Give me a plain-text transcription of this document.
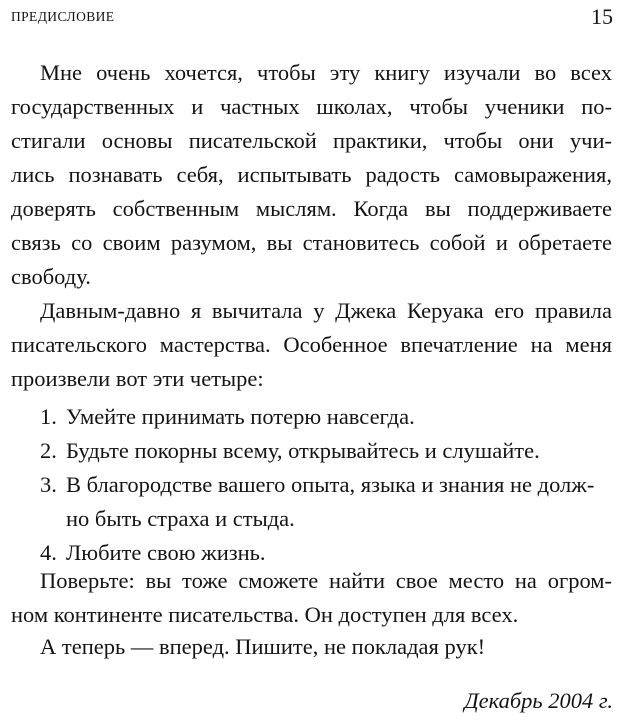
ПРЕДИСЛОВИЕ	15
Мне очень хочется, чтобы эту книгу изучали во всех
государственных и частных школах, чтобы ученики по-
стигали основы писательской практики, чтобы они учи-
лись познавать себя, испытывать радость самовыражения,
доверять собственным мыслям. Когда вы поддерживаете
связь со своим разумом, вы становитесь собой и обретаете
свободу.
Давным-давно я вычитала у Джека Керуака его правила
писательского мастерства. Особенное впечатление на меня
произвели вот эти четыре:
1. Умейте принимать потерю навсегда.
2. Будьте покорны всему, открывайтесь и слушайте.
3. В благородстве вашего опыта, языка и знания не долж-
но быть страха и стыда.
4. Любите свою жизнь.
Поверьте: вы тоже сможете найти свое место на огром-
ном континенте писательства. Он доступен для всех.
А теперь — вперед. Пишите, не покладая рук!
Декабрь 2004 г.
